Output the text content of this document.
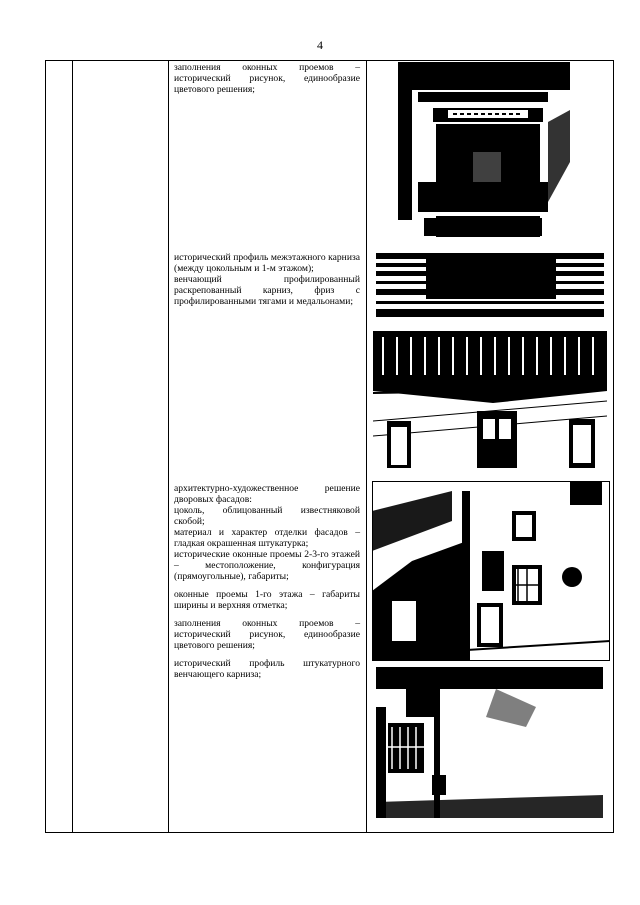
4

заполнения оконных проемов – исторический рисунок, единообразие цветового решения;

исторический профиль межэтажного карниза (между цокольным и 1-м этажом);

венчающий профилированный раскрепованный карниз, фриз с профилированными тягами и медальонами;

архитектурно-художественное решение дворовых фасадов:

цоколь, облицованный известняковой скобой;

материал и характер отделки фасадов – гладкая окрашенная штукатурка;

исторические оконные проемы 2-3-го этажей – местоположение, конфигурация (прямоугольные), габариты;

оконные проемы 1-го этажа – габариты ширины и верхняя отметка;

заполнения оконных проемов – исторический рисунок, единообразие цветового решения;

исторический профиль штукатурного венчающего карниза;
